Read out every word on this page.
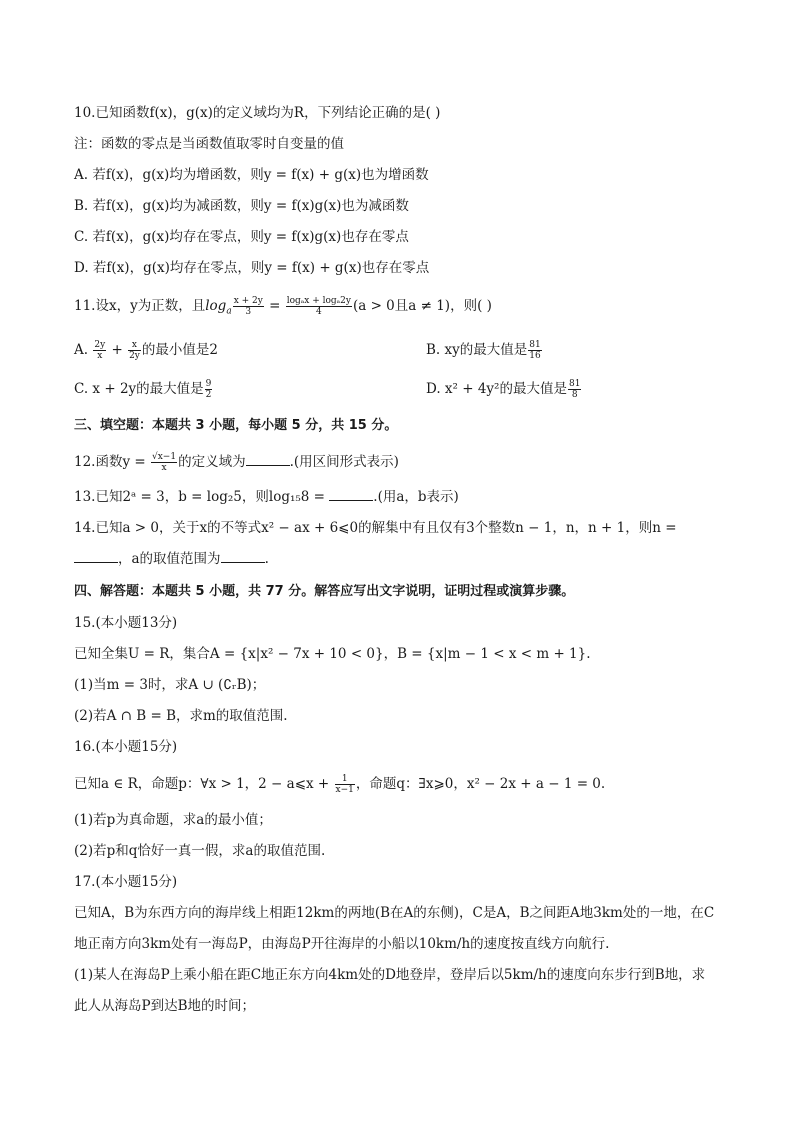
10.已知函数f(x)，g(x)的定义域均为R，下列结论正确的是( )
注：函数的零点是当函数值取零时自变量的值
A. 若f(x)，g(x)均为增函数，则y = f(x) + g(x)也为增函数
B. 若f(x)，g(x)均为减函数，则y = f(x)g(x)也为减函数
C. 若f(x)，g(x)均存在零点，则y = f(x)g(x)也存在零点
D. 若f(x)，g(x)均存在零点，则y = f(x) + g(x)也存在零点
11.设x，y为正数，且$\log_a \frac{x + 2y}{3} = \frac{\text{logₐx + logₐ2y}}{4} (a > 0$且a ≠ 1)，则( )
A. $\frac{2y}{x} + \frac{x}{2y}$ 的最小值是2	B. xy的最大值是 $\frac{81}{16}$
C. x + 2y的最大值是 $\frac{9}{2}$	D. x² + 4y²的最大值是 $\frac{81}{8}$
三、填空题：本题共 3 小题，每小题 5 分，共 15 分。
12.函数$y = \frac{√x-1}{x}$ 的定义域为	.(用区间形式表示)
13.已知2ᵃ = 3，b = log₂5，则log₁₅8 =	.(用a，b表示)
14.已知a > 0，关于x的不等式x² − ax + 6⩽0的解集中有且仅有3个整数n − 1，n，n + 1，则n =
，a的取值范围为	.
四、解答题：本题共 5 小题，共 77 分。解答应写出文字说明，证明过程或演算步骤。
15.(本小题13分)
已知全集U = R，集合A = {x|x² − 7x + 10 < 0}，B = {x|m − 1 < x < m + 1}.
(1)当m = 3时，求A ∪ (∁ᵣB)；
(2)若A ∩ B = B，求m的取值范围.
16.(本小题15分)
已知a ∈ R，命题p：∀x > 1，2 − a⩽x + $\frac{1}{x-1}$ ，命题q：∃x⩾0，x² − 2x + a − 1 = 0.
(1)若p为真命题，求a的最小值；
(2)若p和q恰好一真一假，求a的取值范围.
17.(本小题15分)
已知A，B为东西方向的海岸线上相距12km的两地(B在A的东侧)，C是A，B之间距A地3km处的一地，在C
地正南方向3km处有一海岛P，由海岛P开往海岸的小船以10km/h的速度按直线方向航行.
(1)某人在海岛P上乘小船在距C地正东方向4km处的D地登岸，登岸后以5km/h的速度向东步行到B地，求
此人从海岛P到达B地的时间；
